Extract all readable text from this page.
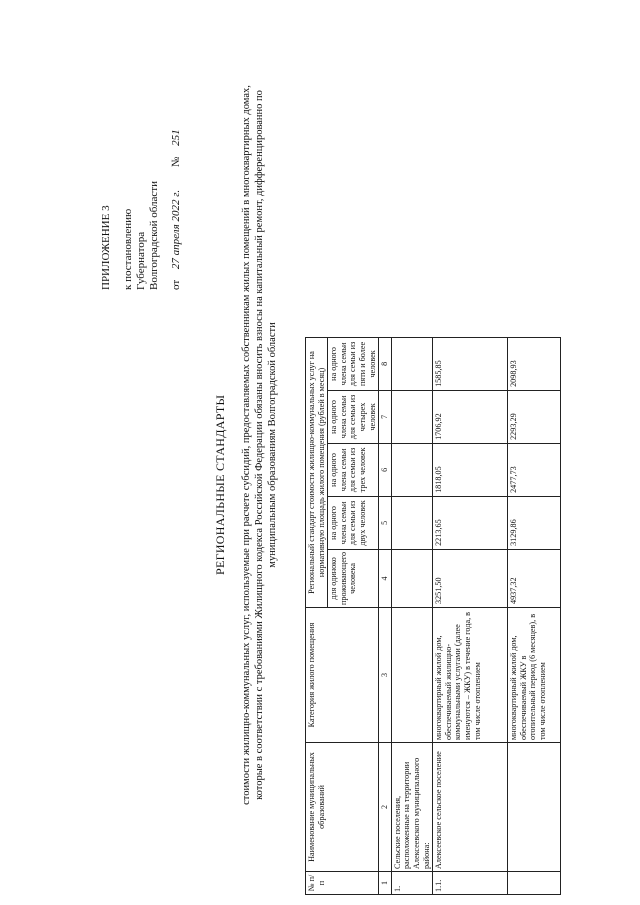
ПРИЛОЖЕНИЕ 3 к постановлению Губернатора Волгоградской области от 27 апреля 2022 г. № 251
РЕГИОНАЛЬНЫЕ СТАНДАРТЫ стоимости жилищно-коммунальных услуг, используемые при расчете субсидий, предоставляемых собственникам жилых помещений в многоквартирных домах, которые в соответствии с требованиями Жилищного кодекса Российской Федерации обязаны вносить взносы на капитальный ремонт, дифференцированно по муниципальным образованиям Волгоградской области
№ п/п	Наименование муниципальных образований	Категория жилого помещения	Региональный стандарт стоимости жилищно-коммунальных услуг на нормативную площадь жилого помещения (рублей в месяц)				
			для одиноко проживающего человека	на одного члена семьи для семьи из двух человек	на одного члена семьи для семьи из трех человек	на одного члена семьи для семьи из четырех человек	на одного члена семьи для семьи из пяти и более человек
1	2	3	4	5	6	7	8
1.	Сельские поселения, расположенные на территории Алексеевского муниципального района:						
1.1.	Алексеевское сельское поселение	многоквартирный жилой дом, обеспечиваемый жилищно-коммунальными услугами (далее именуются – ЖКУ) в течение года, в том числе отоплением	3251,50	2213,65	1818,05	1706,92	1585,85
		многоквартирный жилой дом, обеспечиваемый ЖКУ в отопительный период (6 месяцев), в том числе отоплением	4937,32	3129,86	2477,73	2293,29	2098,93
